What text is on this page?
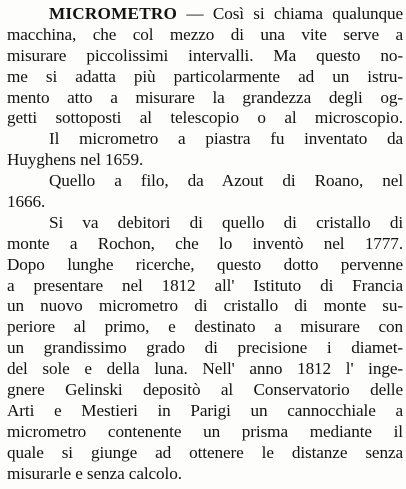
MICROMETRO — Così si chiama qualunque
macchina, che col mezzo di una vite serve a
misurare piccolissimi intervalli. Ma questo no-
me si adatta più particolarmente ad un istru-
mento atto a misurare la grandezza degli og-
getti sottoposti al telescopio o al microscopio.
Il micrometro a piastra fu inventato da
Huyghens nel 1659.
Quello a filo, da Azout di Roano, nel
1666.
Si va debitori di quello di cristallo di
monte a Rochon, che lo inventò nel 1777.
Dopo lunghe ricerche, questo dotto pervenne
a presentare nel 1812 all' Istituto di Francia
un nuovo micrometro di cristallo di monte su-
periore al primo, e destinato a misurare con
un grandissimo grado di precisione i diamet-
del sole e della luna. Nell' anno 1812 l' inge-
gnere Gelinski depositò al Conservatorio delle
Arti e Mestieri in Parigi un cannocchiale a
micrometro contenente un prisma mediante il
quale si giunge ad ottenere le distanze senza
misurarle e senza calcolo.
